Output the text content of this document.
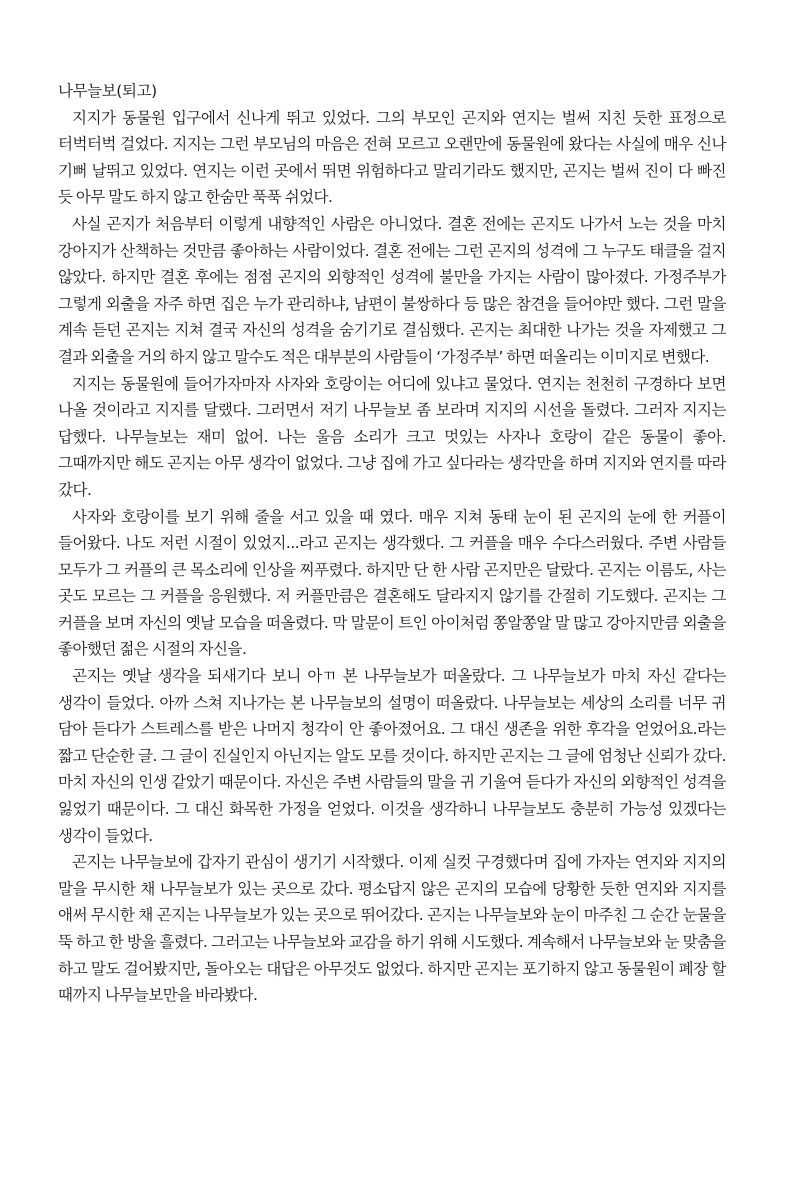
나무늘보(퇴고)

지지가 동물원 입구에서 신나게 뛰고 있었다. 그의 부모인 곤지와 연지는 벌써 지친 듯한 표정으로 터벅터벅 걸었다. 지지는 그런 부모님의 마음은 전혀 모르고 오랜만에 동물원에 왔다는 사실에 매우 신나 기뻐 날뛰고 있었다. 연지는 이런 곳에서 뛰면 위험하다고 말리기라도 했지만, 곤지는 벌써 진이 다 빠진 듯 아무 말도 하지 않고 한숨만 푹푹 쉬었다.

사실 곤지가 처음부터 이렇게 내향적인 사람은 아니었다. 결혼 전에는 곤지도 나가서 노는 것을 마치 강아지가 산책하는 것만큼 좋아하는 사람이었다. 결혼 전에는 그런 곤지의 성격에 그 누구도 태클을 걸지 않았다. 하지만 결혼 후에는 점점 곤지의 외향적인 성격에 불만을 가지는 사람이 많아졌다. 가정주부가 그렇게 외출을 자주 하면 집은 누가 관리하냐, 남편이 불쌍하다 등 많은 참견을 들어야만 했다. 그런 말을 계속 듣던 곤지는 지쳐 결국 자신의 성격을 숨기기로 결심했다. 곤지는 최대한 나가는 것을 자제했고 그 결과 외출을 거의 하지 않고 말수도 적은 대부분의 사람들이 ‘가정주부’ 하면 떠올리는 이미지로 변했다.

지지는 동물원에 들어가자마자 사자와 호랑이는 어디에 있냐고 물었다. 연지는 천천히 구경하다 보면 나올 것이라고 지지를 달랬다. 그러면서 저기 나무늘보 좀 보라며 지지의 시선을 돌렸다. 그러자 지지는 답했다. 나무늘보는 재미 없어. 나는 울음 소리가 크고 멋있는 사자나 호랑이 같은 동물이 좋아. 그때까지만 해도 곤지는 아무 생각이 없었다. 그냥 집에 가고 싶다라는 생각만을 하며 지지와 연지를 따라 갔다.

사자와 호랑이를 보기 위해 줄을 서고 있을 때 였다. 매우 지쳐 동태 눈이 된 곤지의 눈에 한 커플이 들어왔다. 나도 저런 시절이 있었지...라고 곤지는 생각했다. 그 커플을 매우 수다스러웠다. 주변 사람들 모두가 그 커플의 큰 목소리에 인상을 찌푸렸다. 하지만 단 한 사람 곤지만은 달랐다. 곤지는 이름도, 사는 곳도 모르는 그 커플을 응원했다. 저 커플만큼은 결혼해도 달라지지 않기를 간절히 기도했다. 곤지는 그 커플을 보며 자신의 옛날 모습을 떠올렸다. 막 말문이 트인 아이처럼 쫑알쫑알 말 많고 강아지만큼 외출을 좋아했던 젊은 시절의 자신을.

곤지는 옛날 생각을 되새기다 보니 아ㄲ 본 나무늘보가 떠올랐다. 그 나무늘보가 마치 자신 같다는 생각이 들었다. 아까 스쳐 지나가는 본 나무늘보의 설명이 떠올랐다. 나무늘보는 세상의 소리를 너무 귀 담아 듣다가 스트레스를 받은 나머지 청각이 안 좋아졌어요. 그 대신 생존을 위한 후각을 얻었어요.라는 짧고 단순한 글. 그 글이 진실인지 아닌지는 알도 모를 것이다. 하지만 곤지는 그 글에 엄청난 신뢰가 갔다. 마치 자신의 인생 같았기 때문이다. 자신은 주변 사람들의 말을 귀 기울여 듣다가 자신의 외향적인 성격을 잃었기 때문이다. 그 대신 화목한 가정을 얻었다. 이것을 생각하니 나무늘보도 충분히 가능성 있겠다는 생각이 들었다.

곤지는 나무늘보에 갑자기 관심이 생기기 시작했다. 이제 실컷 구경했다며 집에 가자는 연지와 지지의 말을 무시한 채 나무늘보가 있는 곳으로 갔다. 평소답지 않은 곤지의 모습에 당황한 듯한 연지와 지지를 애써 무시한 채 곤지는 나무늘보가 있는 곳으로 뛰어갔다. 곤지는 나무늘보와 눈이 마주친 그 순간 눈물을 뚝 하고 한 방울 흘렸다. 그러고는 나무늘보와 교감을 하기 위해 시도했다. 계속해서 나무늘보와 눈 맞춤을 하고 말도 걸어봤지만, 돌아오는 대답은 아무것도 없었다. 하지만 곤지는 포기하지 않고 동물원이 폐장 할 때까지 나무늘보만을 바라봤다.
